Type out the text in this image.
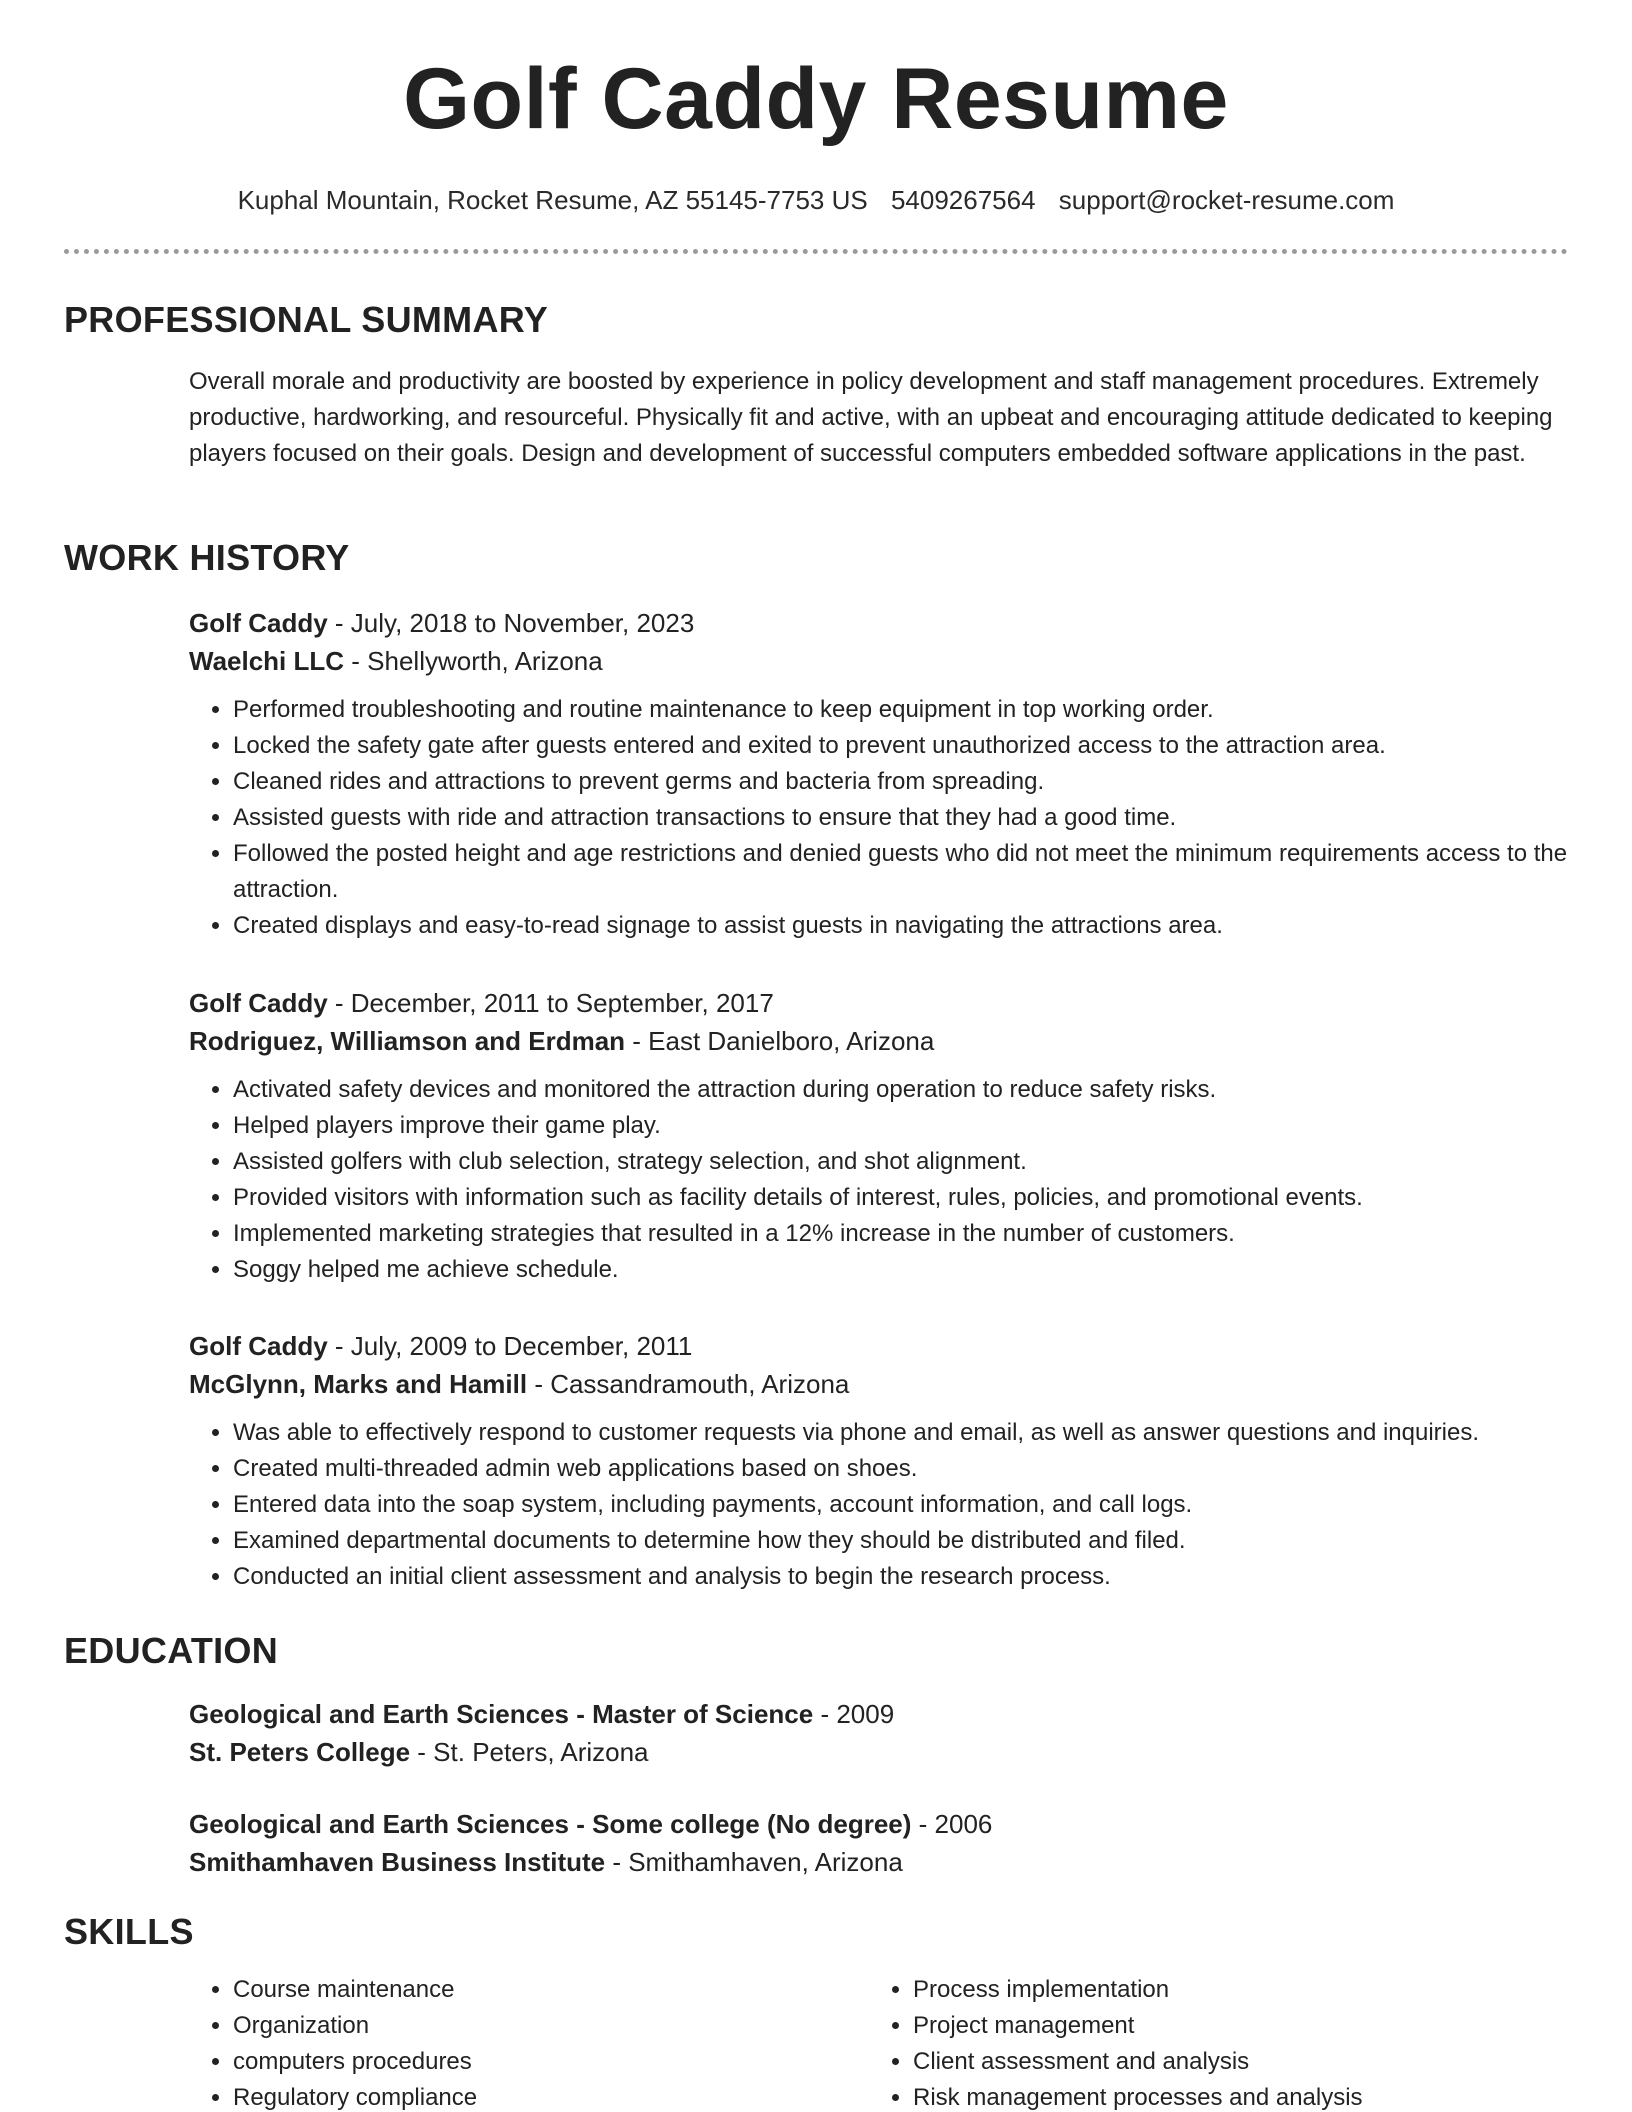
Golf Caddy Resume
Kuphal Mountain, Rocket Resume, AZ 55145-7753 US 5409267564 support@rocket-resume.com
PROFESSIONAL SUMMARY

Overall morale and productivity are boosted by experience in policy development and staff management procedures. Extremely productive, hardworking, and resourceful. Physically fit and active, with an upbeat and encouraging attitude dedicated to keeping players focused on their goals. Design and development of successful computers embedded software applications in the past.

WORK HISTORY

Golf Caddy - July, 2018 to November, 2023

Waelchi LLC - Shellyworth, Arizona

• Performed troubleshooting and routine maintenance to keep equipment in top working order.
• Locked the safety gate after guests entered and exited to prevent unauthorized access to the attraction area.
• Cleaned rides and attractions to prevent germs and bacteria from spreading.
• Assisted guests with ride and attraction transactions to ensure that they had a good time.
• Followed the posted height and age restrictions and denied guests who did not meet the minimum requirements access to the attraction.
• Created displays and easy-to-read signage to assist guests in navigating the attractions area.

Golf Caddy - December, 2011 to September, 2017

Rodriguez, Williamson and Erdman - East Danielboro, Arizona

• Activated safety devices and monitored the attraction during operation to reduce safety risks.
• Helped players improve their game play.
• Assisted golfers with club selection, strategy selection, and shot alignment.
• Provided visitors with information such as facility details of interest, rules, policies, and promotional events.
• Implemented marketing strategies that resulted in a 12% increase in the number of customers.
• Soggy helped me achieve schedule.

Golf Caddy - July, 2009 to December, 2011

McGlynn, Marks and Hamill - Cassandramouth, Arizona

• Was able to effectively respond to customer requests via phone and email, as well as answer questions and inquiries.
• Created multi-threaded admin web applications based on shoes.
• Entered data into the soap system, including payments, account information, and call logs.
• Examined departmental documents to determine how they should be distributed and filed.
• Conducted an initial client assessment and analysis to begin the research process.
EDUCATION

Geological and Earth Sciences - Master of Science - 2009

St. Peters College - St. Peters, Arizona

Geological and Earth Sciences - Some college (No degree) - 2006

Smithamhaven Business Institute - Smithamhaven, Arizona

SKILLS
• Course maintenance
• Organization
• computers procedures
• Regulatory compliance
• Process implementation
• Project management
• Client assessment and analysis
• Risk management processes and analysis
